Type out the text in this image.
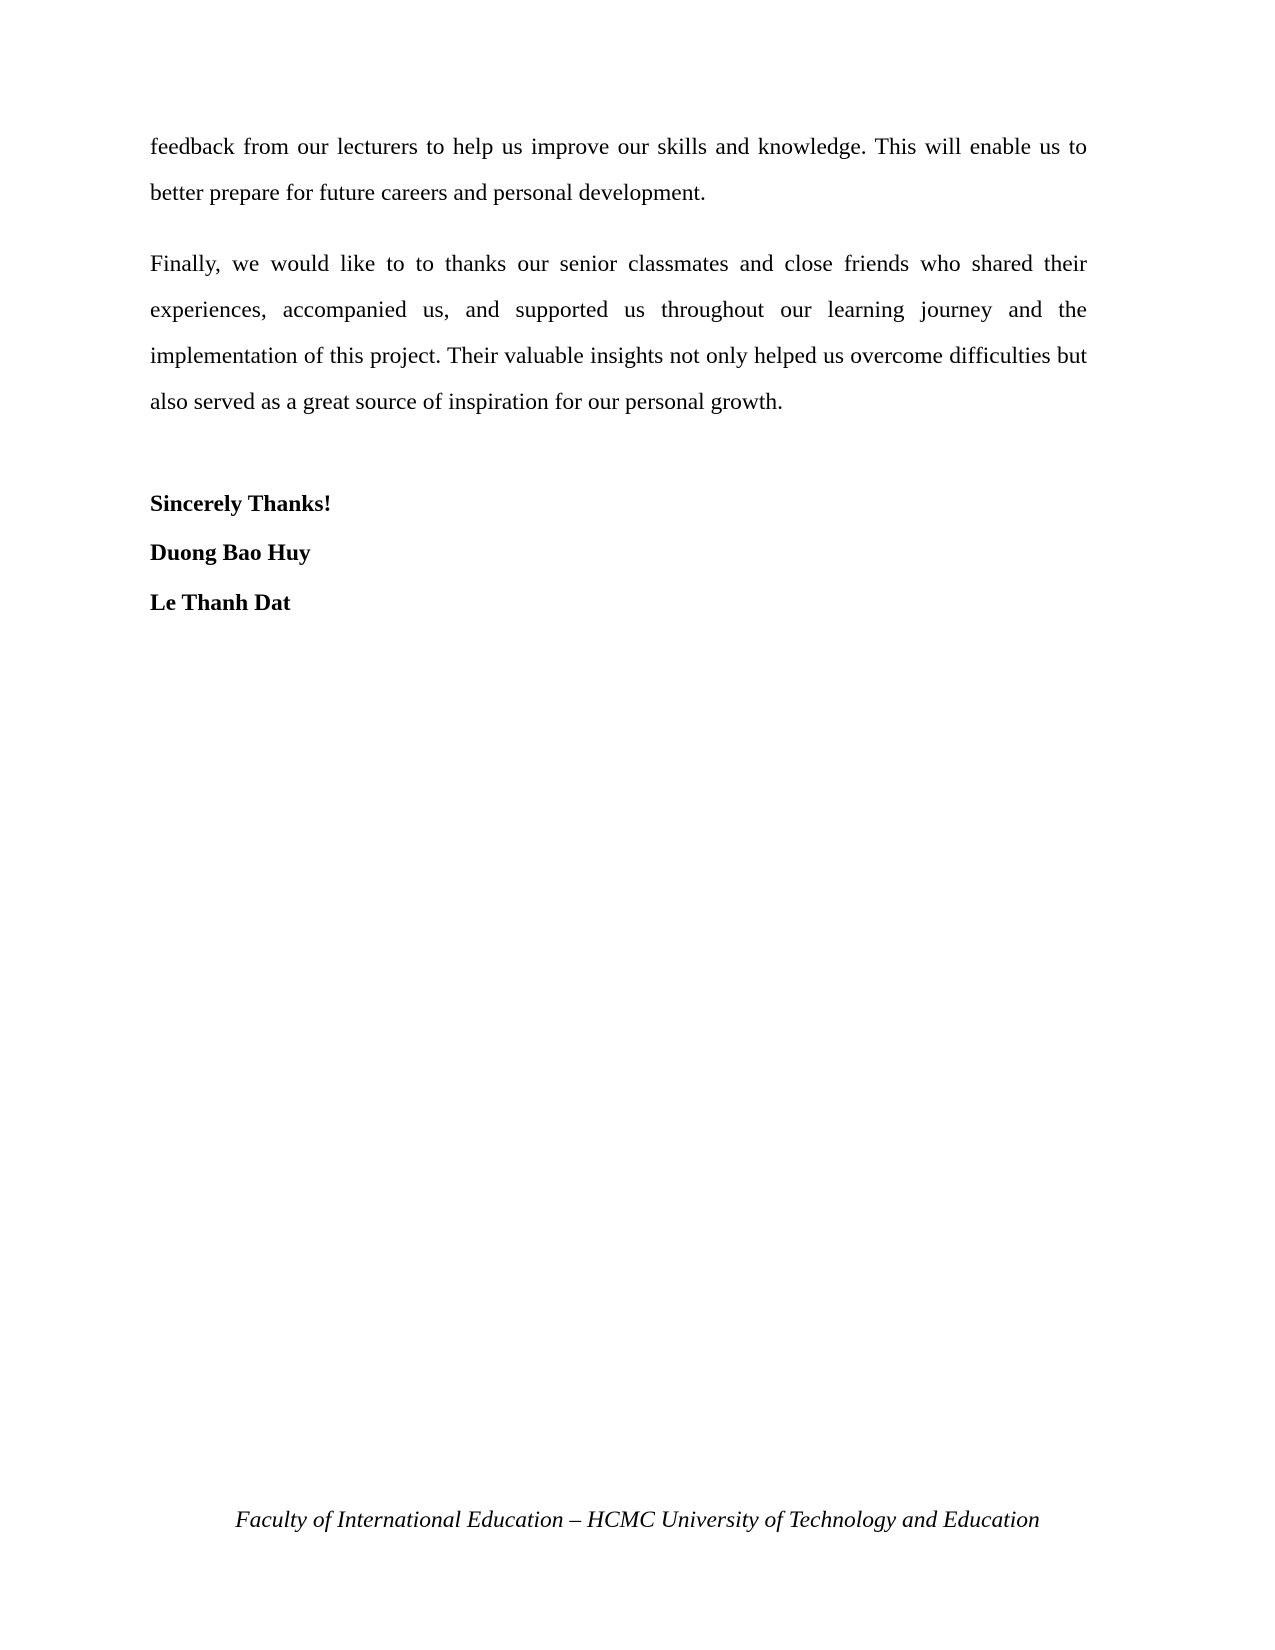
feedback from our lecturers to help us improve our skills and knowledge. This will enable us to better prepare for future careers and personal development.

Finally, we would like to to thanks our senior classmates and close friends who shared their experiences, accompanied us, and supported us throughout our learning journey and the implementation of this project. Their valuable insights not only helped us overcome difficulties but also served as a great source of inspiration for our personal growth.

Sincerely Thanks!

Duong Bao Huy

Le Thanh Dat

Faculty of International Education – HCMC University of Technology and Education
